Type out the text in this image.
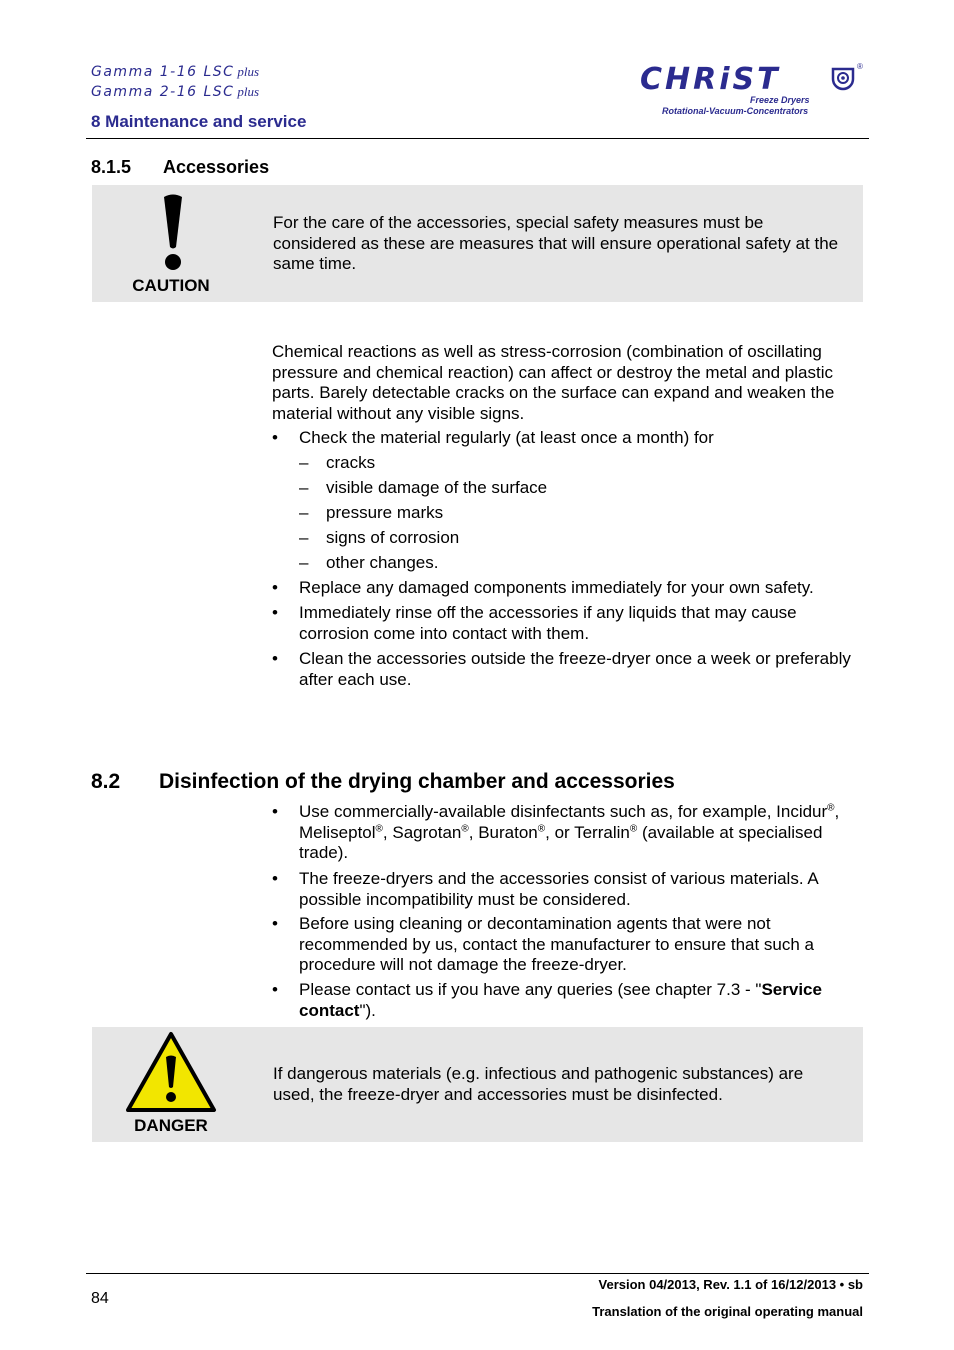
Gamma 1-16 LSC plus
Gamma 2-16 LSC plus
8 Maintenance and service
CHRiST	®
Freeze Dryers
Rotational-Vacuum-Concentrators
8.1.5 Accessories
CAUTION
For the care of the accessories, special safety measures must be considered as these are measures that will ensure operational safety at the same time.
Chemical reactions as well as stress-corrosion (combination of oscillating pressure and chemical reaction) can affect or destroy the metal and plastic parts. Barely detectable cracks on the surface can expand and weaken the material without any visible signs.
• Check the material regularly (at least once a month) for
– cracks
– visible damage of the surface
– pressure marks
– signs of corrosion
– other changes.
• Replace any damaged components immediately for your own safety.
• Immediately rinse off the accessories if any liquids that may cause corrosion come into contact with them.
• Clean the accessories outside the freeze-dryer once a week or preferably after each use.
8.2 Disinfection of the drying chamber and accessories
• Use commercially-available disinfectants such as, for example, Incidur®, Meliseptol®, Sagrotan®, Buraton®, or Terralin® (available at specialised trade).
• The freeze-dryers and the accessories consist of various materials. A possible incompatibility must be considered.
• Before using cleaning or decontamination agents that were not recommended by us, contact the manufacturer to ensure that such a procedure will not damage the freeze-dryer.
• Please contact us if you have any queries (see chapter 7.3 - "Service contact").
DANGER
If dangerous materials (e.g. infectious and pathogenic substances) are used, the freeze-dryer and accessories must be disinfected.
84
Version 04/2013, Rev. 1.1 of 16/12/2013 • sb
Translation of the original operating manual
